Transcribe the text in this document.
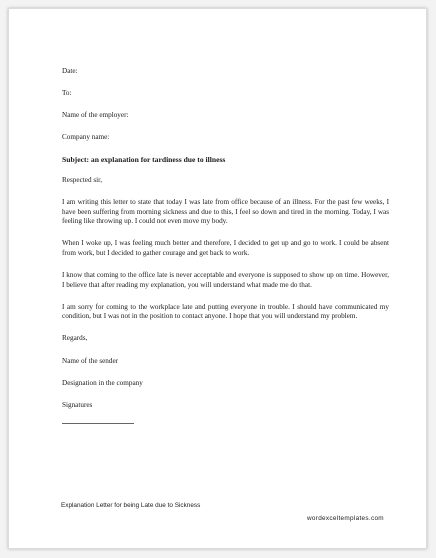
Date:

To:

Name of the employer:

Company name:

Subject: an explanation for tardiness due to illness

Respected sir,

I am writing this letter to state that today I was late from office because of an illness. For the past few weeks, I have been suffering from morning sickness and due to this, I feel so down and tired in the morning. Today, I was feeling like throwing up. I could not even move my body.

When I woke up, I was feeling much better and therefore, I decided to get up and go to work. I could be absent from work, but I decided to gather courage and get back to work.

I know that coming to the office late is never acceptable and everyone is supposed to show up on time. However, I believe that after reading my explanation, you will understand what made me do that.

I am sorry for coming to the workplace late and putting everyone in trouble. I should have communicated my condition, but I was not in the position to contact anyone. I hope that you will understand my problem.

Regards,

Name of the sender

Designation in the company

Signatures

Explanation Letter for being Late due to Sickness
wordexceltemplates.com
